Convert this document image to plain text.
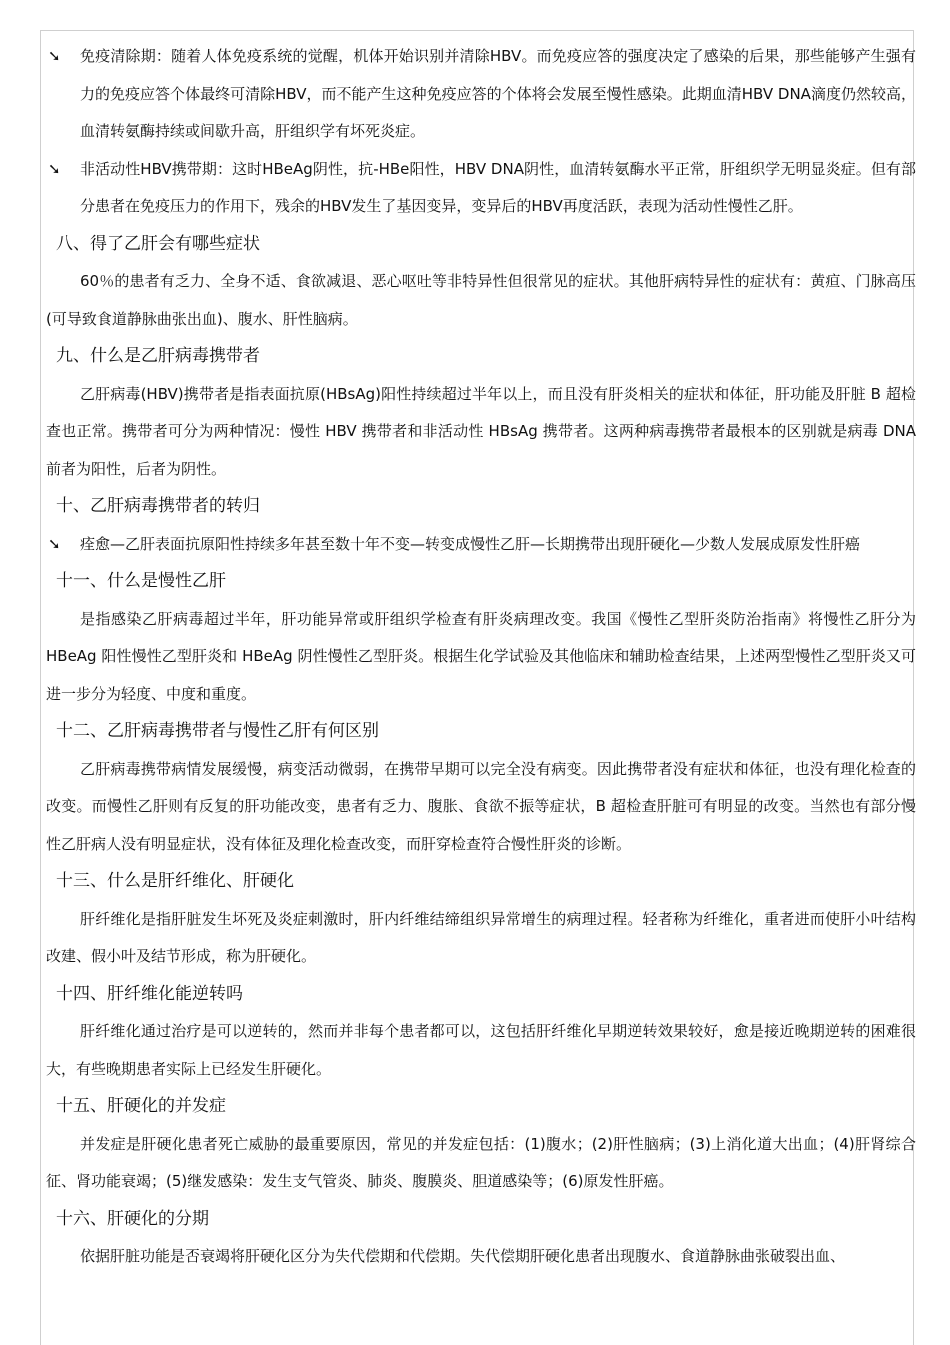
➘ 免疫清除期：随着人体免疫系统的觉醒，机体开始识别并清除HBV。而免疫应答的强度决定了感染的后果，那些能够产生强有力的免疫应答个体最终可清除HBV，而不能产生这种免疫应答的个体将会发展至慢性感染。此期血清HBV DNA滴度仍然较高，血清转氨酶持续或间歇升高，肝组织学有坏死炎症。

➘ 非活动性HBV携带期：这时HBeAg阴性，抗-HBe阳性，HBV DNA阴性，血清转氨酶水平正常，肝组织学无明显炎症。但有部分患者在免疫压力的作用下，残余的HBV发生了基因变异，变异后的HBV再度活跃，表现为活动性慢性乙肝。

八、得了乙肝会有哪些症状

60％的患者有乏力、全身不适、食欲减退、恶心呕吐等非特异性但很常见的症状。其他肝病特异性的症状有：黄疸、门脉高压(可导致食道静脉曲张出血)、腹水、肝性脑病。

九、什么是乙肝病毒携带者

乙肝病毒(HBV)携带者是指表面抗原(HBsAg)阳性持续超过半年以上，而且没有肝炎相关的症状和体征，肝功能及肝脏 B 超检查也正常。携带者可分为两种情况：慢性 HBV 携带者和非活动性 HBsAg 携带者。这两种病毒携带者最根本的区别就是病毒 DNA 前者为阳性，后者为阴性。

十、乙肝病毒携带者的转归

➘ 痊愈—乙肝表面抗原阳性持续多年甚至数十年不变—转变成慢性乙肝—长期携带出现肝硬化—少数人发展成原发性肝癌

十一、什么是慢性乙肝

是指感染乙肝病毒超过半年，肝功能异常或肝组织学检查有肝炎病理改变。我国《慢性乙型肝炎防治指南》将慢性乙肝分为 HBeAg 阳性慢性乙型肝炎和 HBeAg 阴性慢性乙型肝炎。根据生化学试验及其他临床和辅助检查结果，上述两型慢性乙型肝炎又可进一步分为轻度、中度和重度。

十二、乙肝病毒携带者与慢性乙肝有何区别

乙肝病毒携带病情发展缓慢，病变活动微弱，在携带早期可以完全没有病变。因此携带者没有症状和体征，也没有理化检查的改变。而慢性乙肝则有反复的肝功能改变，患者有乏力、腹胀、食欲不振等症状，B 超检查肝脏可有明显的改变。当然也有部分慢性乙肝病人没有明显症状，没有体征及理化检查改变，而肝穿检查符合慢性肝炎的诊断。

十三、什么是肝纤维化、肝硬化

肝纤维化是指肝脏发生坏死及炎症刺激时，肝内纤维结缔组织异常增生的病理过程。轻者称为纤维化，重者进而使肝小叶结构改建、假小叶及结节形成，称为肝硬化。

十四、肝纤维化能逆转吗

肝纤维化通过治疗是可以逆转的，然而并非每个患者都可以，这包括肝纤维化早期逆转效果较好，愈是接近晚期逆转的困难很大，有些晚期患者实际上已经发生肝硬化。

十五、肝硬化的并发症

并发症是肝硬化患者死亡威胁的最重要原因，常见的并发症包括：(1)腹水；(2)肝性脑病；(3)上消化道大出血；(4)肝肾综合征、肾功能衰竭；(5)继发感染：发生支气管炎、肺炎、腹膜炎、胆道感染等；(6)原发性肝癌。

十六、肝硬化的分期

依据肝脏功能是否衰竭将肝硬化区分为失代偿期和代偿期。失代偿期肝硬化患者出现腹水、食道静脉曲张破裂出血、
